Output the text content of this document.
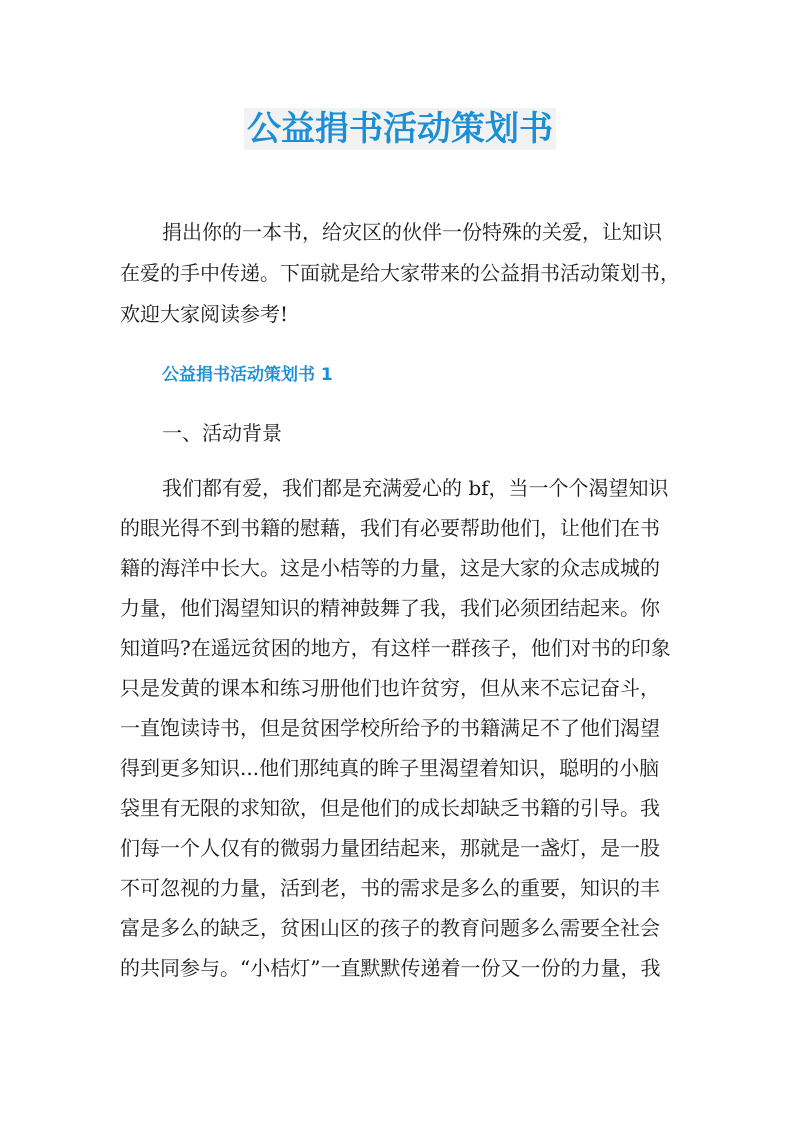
公益捐书活动策划书
捐出你的一本书，给灾区的伙伴一份特殊的关爱，让知识
在爱的手中传递。下面就是给大家带来的公益捐书活动策划书，
欢迎大家阅读参考!
公益捐书活动策划书 1
一、活动背景
我们都有爱，我们都是充满爱心的 bf，当一个个渴望知识
的眼光得不到书籍的慰藉，我们有必要帮助他们，让他们在书
籍的海洋中长大。这是小桔等的力量，这是大家的众志成城的
力量，他们渴望知识的精神鼓舞了我，我们必须团结起来。你
知道吗?在遥远贫困的地方，有这样一群孩子，他们对书的印象
只是发黄的课本和练习册他们也许贫穷，但从来不忘记奋斗，
一直饱读诗书，但是贫困学校所给予的书籍满足不了他们渴望
得到更多知识...他们那纯真的眸子里渴望着知识，聪明的小脑
袋里有无限的求知欲，但是他们的成长却缺乏书籍的引导。我
们每一个人仅有的微弱力量团结起来，那就是一盏灯，是一股
不可忽视的力量，活到老，书的需求是多么的重要，知识的丰
富是多么的缺乏，贫困山区的孩子的教育问题多么需要全社会
的共同参与。“小桔灯”一直默默传递着一份又一份的力量，我
